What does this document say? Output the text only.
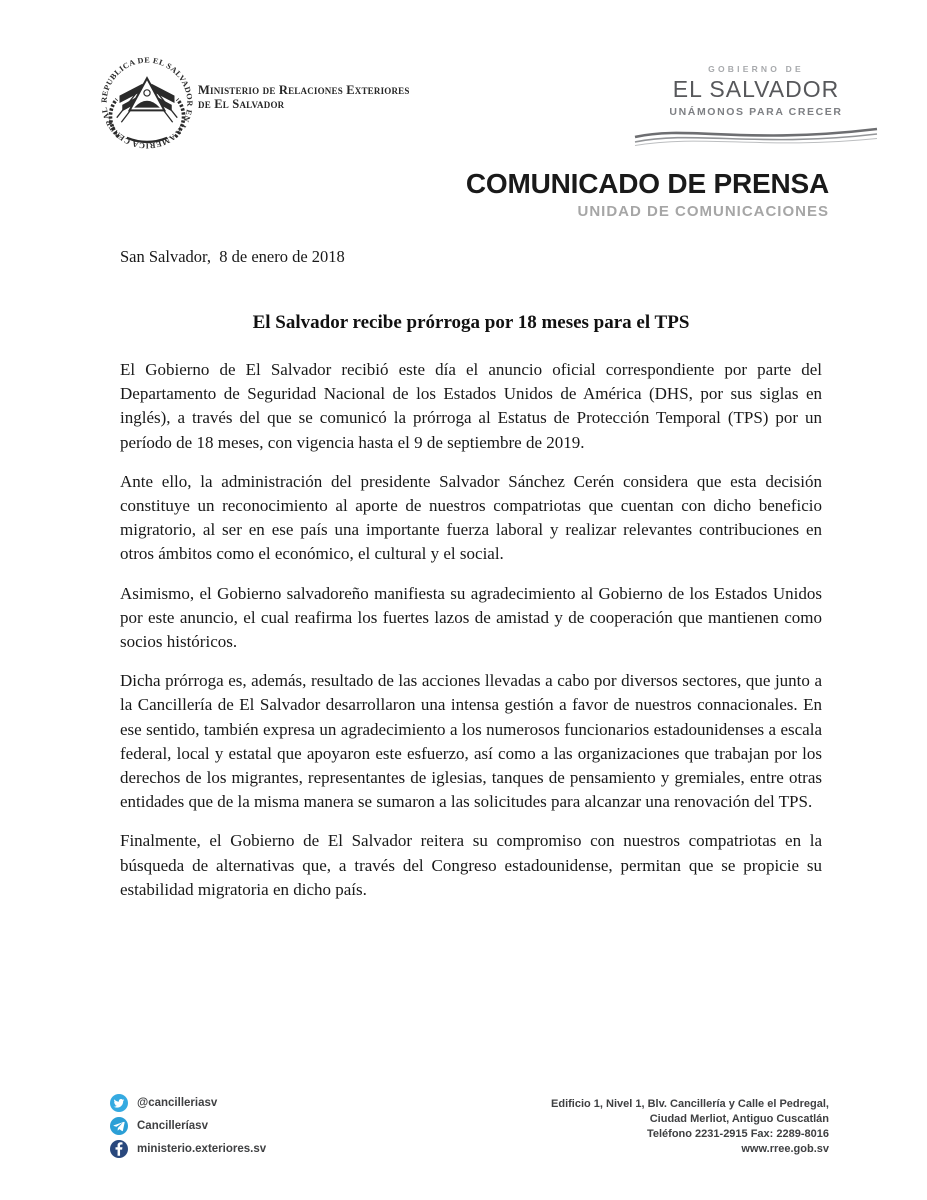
REPUBLICA DE EL SALVADOR EN LA AMERICA CENTRAL
Ministerio de Relaciones Exteriores
de El Salvador
GOBIERNO DE
EL SALVADOR
UNÁMONOS PARA CRECER
COMUNICADO DE PRENSA
UNIDAD DE COMUNICACIONES

San Salvador,  8 de enero de 2018

El Salvador recibe prórroga por 18 meses para el TPS

El Gobierno de El Salvador recibió este día el anuncio oficial correspondiente por parte del Departamento de Seguridad Nacional de los Estados Unidos de América (DHS, por sus siglas en inglés), a través del que se comunicó la prórroga al Estatus de Protección Temporal (TPS) por un período de 18 meses, con vigencia hasta el 9 de septiembre de 2019.

Ante ello, la administración del presidente Salvador Sánchez Cerén considera que esta decisión constituye un reconocimiento al aporte de nuestros compatriotas que cuentan con dicho beneficio migratorio, al ser en ese país una importante fuerza laboral y realizar relevantes contribuciones en otros ámbitos como el económico, el cultural y el social.

Asimismo, el Gobierno salvadoreño manifiesta su agradecimiento al Gobierno de los Estados Unidos por este anuncio, el cual reafirma los fuertes lazos de amistad y de cooperación que mantienen como socios históricos.

Dicha prórroga es, además, resultado de las acciones llevadas a cabo por diversos sectores, que junto a la Cancillería de El Salvador desarrollaron una intensa gestión a favor de nuestros connacionales. En ese sentido, también expresa un agradecimiento a los numerosos funcionarios estadounidenses a escala federal, local y estatal que apoyaron este esfuerzo, así como a las organizaciones que trabajan por los derechos de los migrantes, representantes de iglesias, tanques de pensamiento y gremiales, entre otras entidades que de la misma manera se sumaron a las solicitudes para alcanzar una renovación del TPS.

Finalmente, el Gobierno de El Salvador reitera su compromiso con nuestros compatriotas en la búsqueda de alternativas que, a través del Congreso estadounidense, permitan que se propicie su estabilidad migratoria en dicho país.

@cancilleriasv
Cancilleríasv
ministerio.exteriores.sv
Edificio 1, Nivel 1, Blv. Cancillería y Calle el Pedregal,
Ciudad Merliot, Antiguo Cuscatlán
Teléfono 2231-2915 Fax: 2289-8016
www.rree.gob.sv
